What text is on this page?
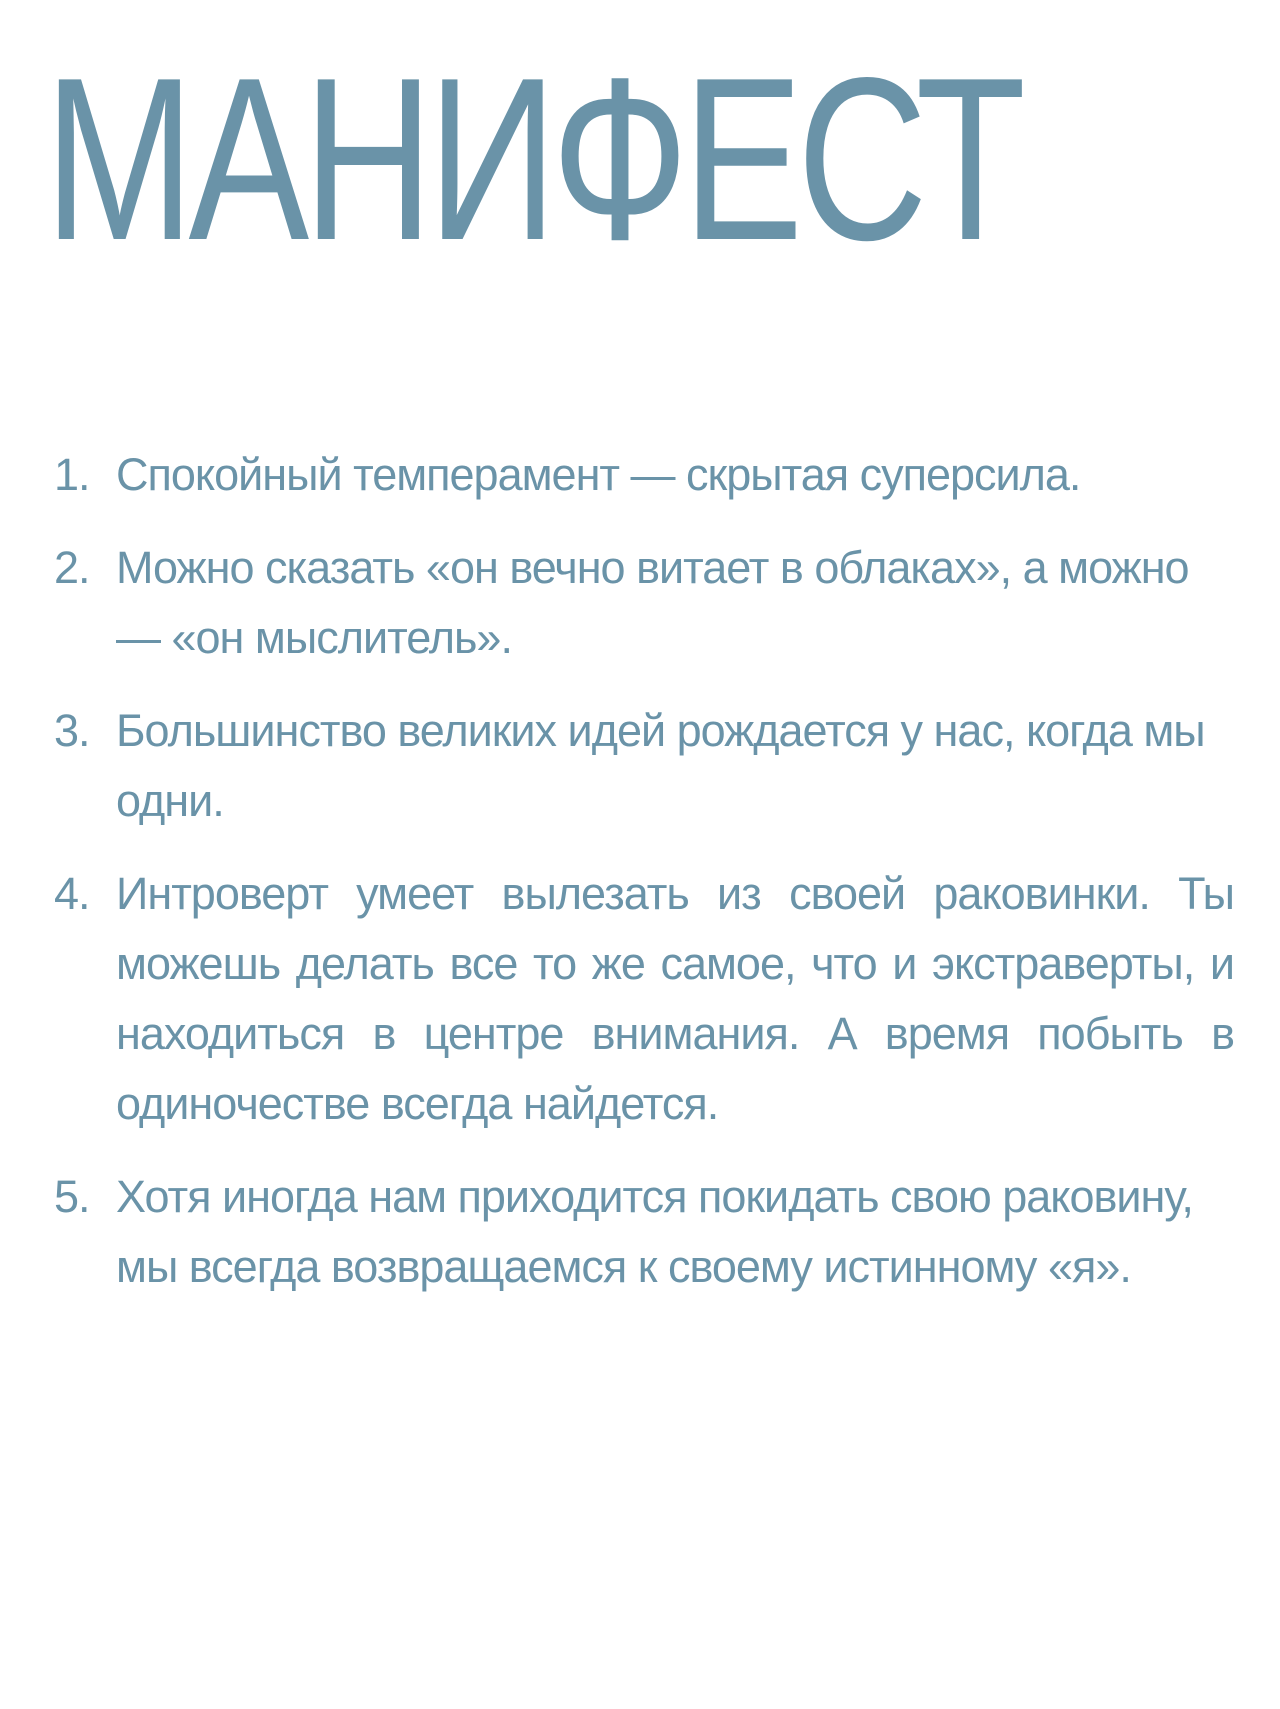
МАНИФЕСТ
1. Спокойный темперамент — скрытая суперсила.
2. Можно сказать «он вечно витает в облаках», а можно — «он мыслитель».
3. Большинство великих идей рождается у нас, когда мы одни.
4. Интроверт умеет вылезать из своей раковинки. Ты можешь делать все то же самое, что и экстраверты, и находиться в центре внимания. А время побыть в одиночестве всегда найдется.
5. Хотя иногда нам приходится покидать свою раковину, мы всегда возвращаемся к своему истинному «я».
